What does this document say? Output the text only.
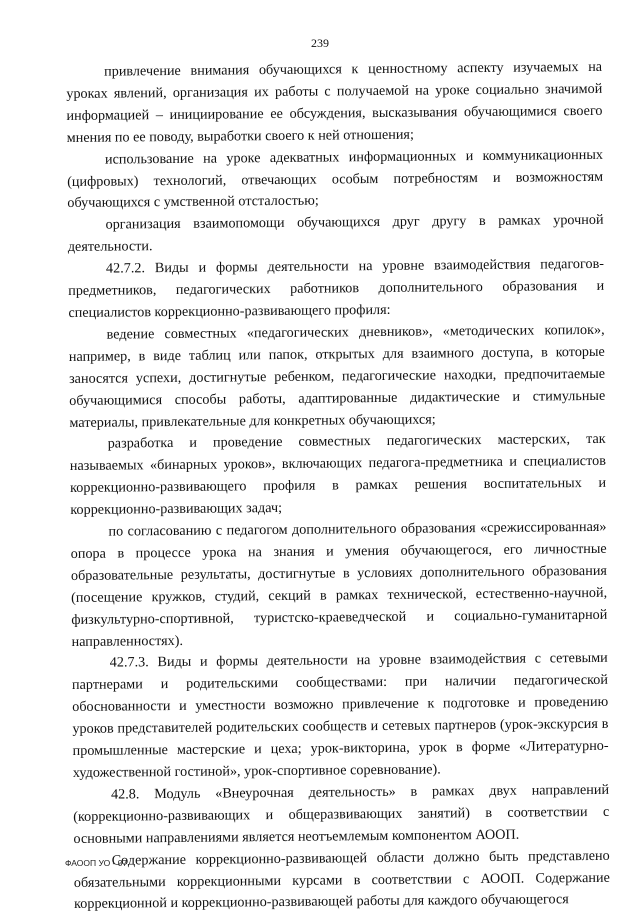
239

привлечение внимания обучающихся к ценностному аспекту изучаемых на уроках явлений, организация их работы с получаемой на уроке социально значимой информацией – инициирование ее обсуждения, высказывания обучающимися своего мнения по ее поводу, выработки своего к ней отношения;

использование на уроке адекватных информационных и коммуникационных (цифровых) технологий, отвечающих особым потребностям и возможностям обучающихся с умственной отсталостью;

организация взаимопомощи обучающихся друг другу в рамках урочной деятельности.

42.7.2. Виды и формы деятельности на уровне взаимодействия педагогов-предметников, педагогических работников дополнительного образования и специалистов коррекционно-развивающего профиля:

ведение совместных «педагогических дневников», «методических копилок», например, в виде таблиц или папок, открытых для взаимного доступа, в которые заносятся успехи, достигнутые ребенком, педагогические находки, предпочитаемые обучающимися способы работы, адаптированные дидактические и стимульные материалы, привлекательные для конкретных обучающихся;

разработка и проведение совместных педагогических мастерских, так называемых «бинарных уроков», включающих педагога-предметника и специалистов коррекционно-развивающего профиля в рамках решения воспитательных и коррекционно-развивающих задач;

по согласованию с педагогом дополнительного образования «срежиссированная» опора в процессе урока на знания и умения обучающегося, его личностные образовательные результаты, достигнутые в условиях дополнительного образования (посещение кружков, студий, секций в рамках технической, естественно-научной, физкультурно-спортивной, туристско-краеведческой и социально-гуманитарной направленностях).

42.7.3. Виды и формы деятельности на уровне взаимодействия с сетевыми партнерами и родительскими сообществами: при наличии педагогической обоснованности и уместности возможно привлечение к подготовке и проведению уроков представителей родительских сообществ и сетевых партнеров (урок-экскурсия в промышленные мастерские и цеха; урок-викторина, урок в форме «Литературно-художественной гостиной», урок-спортивное соревнование).

42.8. Модуль «Внеурочная деятельность» в рамках двух направлений (коррекционно-развивающих и общеразвивающих занятий) в соответствии с основными направлениями является неотъемлемым компонентом АООП.

Содержание коррекционно-развивающей области должно быть представлено обязательными коррекционными курсами в соответствии с АООП. Содержание коррекционной и коррекционно-развивающей работы для каждого обучающегося

ФАООП УО - 07
